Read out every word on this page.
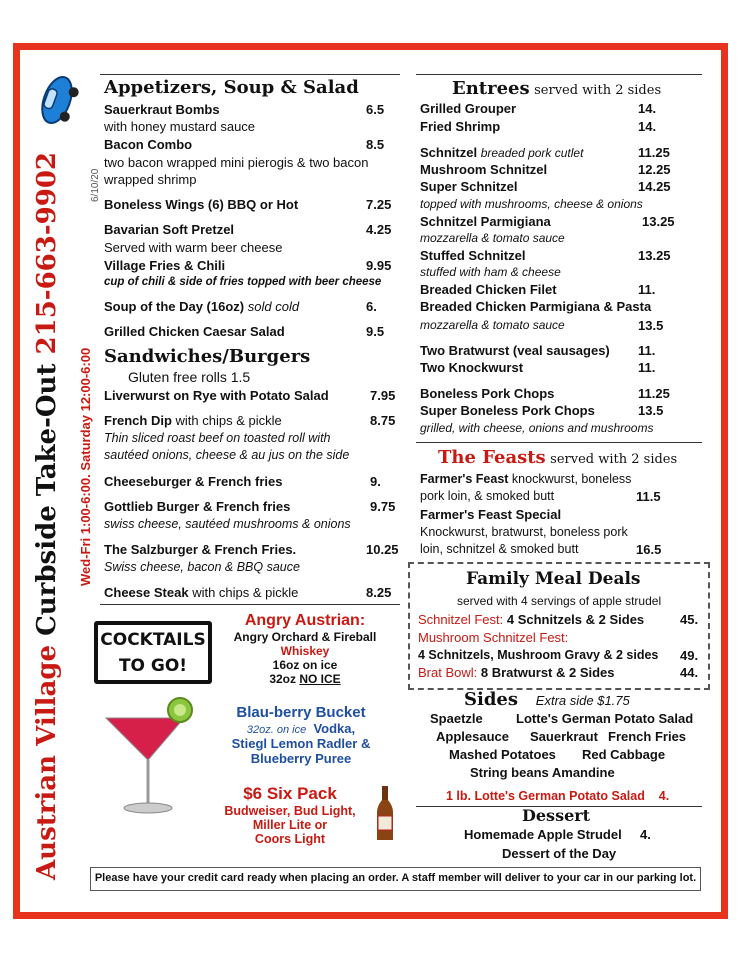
Austrian Village Curbside Take-Out 215-663-9902
Wed-Fri 1:00-6:00. Saturday 12:00-6:00
6/10/20
Appetizers, Soup & Salad
Sauerkraut Bombs	6.5
with honey mustard sauce
Bacon Combo	8.5
two bacon wrapped mini pierogis & two bacon
wrapped shrimp
Boneless Wings (6) BBQ or Hot	7.25
Bavarian Soft Pretzel	4.25
Served with warm beer cheese
Village Fries & Chili	9.95
cup of chili & side of fries topped with beer cheese
Soup of the Day (16oz) sold cold	6.
Grilled Chicken Caesar Salad	9.5
Sandwiches/Burgers
Gluten free rolls 1.5
Liverwurst on Rye with Potato Salad	7.95
French Dip with chips & pickle	8.75
Thin sliced roast beef on toasted roll with
sautéed onions, cheese & au jus on the side
Cheeseburger & French fries	9.
Gottlieb Burger & French fries	9.75
swiss cheese, sautéed mushrooms & onions
The Salzburger & French Fries.	10.25
Swiss cheese, bacon & BBQ sauce
Cheese Steak with chips & pickle	8.25
COCKTAILS
TO GO!
Angry Austrian:
Angry Orchard & Fireball
Whiskey
16oz on ice
32oz NO ICE
Blau-berry Bucket
32oz. on ice Vodka,
Stiegl Lemon Radler &
Blueberry Puree
$6 Six Pack
Budweiser, Bud Light,
Miller Lite or
Coors Light
Entrees served with 2 sides
Grilled Grouper	14.
Fried Shrimp	14.
Schnitzel breaded pork cutlet	11.25
Mushroom Schnitzel	12.25
Super Schnitzel	14.25
topped with mushrooms, cheese & onions
Schnitzel Parmigiana	13.25
mozzarella & tomato sauce
Stuffed Schnitzel	13.25
stuffed with ham & cheese
Breaded Chicken Filet	11.
Breaded Chicken Parmigiana & Pasta
mozzarella & tomato sauce	13.5
Two Bratwurst (veal sausages) 11.
Two Knockwurst	11.
Boneless Pork Chops	11.25
Super Boneless Pork Chops	13.5
grilled, with cheese, onions and mushrooms
The Feasts served with 2 sides
Farmer's Feast knockwurst, boneless
pork loin, & smoked butt	11.5
Farmer's Feast Special
Knockwurst, bratwurst, boneless pork
loin, schnitzel & smoked butt	16.5
Family Meal Deals
served with 4 servings of apple strudel
Schnitzel Fest: 4 Schnitzels & 2 Sides	45.
Mushroom Schnitzel Fest:
4 Schnitzels, Mushroom Gravy & 2 sides 49.
Brat Bowl: 8 Bratwurst & 2 Sides	44.
Sides Extra side $1.75
Spaetzle	Lotte's German Potato Salad
Applesauce Sauerkraut French Fries
Mashed Potatoes Red Cabbage
String beans Amandine
1 lb. Lotte's German Potato Salad 4.
Dessert
Homemade Apple Strudel 4.
Dessert of the Day
Please have your credit card ready when placing an order. A staff member will deliver to your car in our parking lot.
